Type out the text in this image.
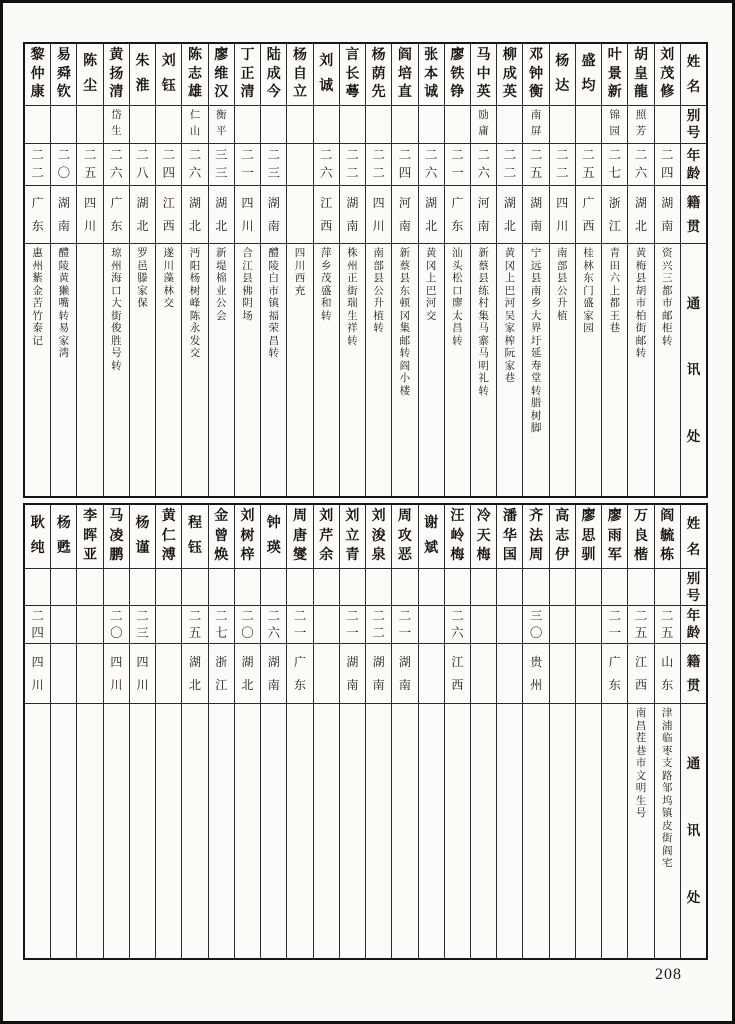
黎
仲
康
二
二
广
东
惠
州
紫
金
苦
竹
泰
记
易
舜
钦
二
〇
湖
南
醴
陵
黄
獭
嘴
转
易
家
湾
陈
尘
二
五
四
川
黄
扬
清
岱
生
二
六
广
东
琼
州
海
口
大
街
俊
胜
号
转
朱
淮
二
八
湖
北
罗
邑
滕
家
保
刘
钰
二
四
江
西
遂
川
藻
林
交
陈
志
雄
仁
山
二
六
湖
北
沔
阳
杨
树
峰
陈
永
发
交
廖
维
汉
衡
平
三
三
湖
北
新
堤
棉
业
公
会
丁
正
清
二
一
四
川
合
江
县
佛
阴
场
陆
成
今
二
三
湖
南
醴
陵
白
市
镇
福
荣
昌
转
杨
自
立
四
川
西
充
刘
诚
二
六
江
西
萍
乡
茂
盛
和
转
言
长
蕚
二
二
湖
南
株
州
正
街
瑞
生
祥
转
杨
荫
先
二
二
四
川
南
部
县
公
升
植
转
阎
培
直
二
四
河
南
新
蔡
县
东
顿
冈
集
邮
转
阎
小
楼
张
本
诚
二
六
湖
北
黄
冈
上
巴
河
交
廖
铁
铮
二
一
广
东
汕
头
松
口
廖
太
昌
转
马
中
英
励
庸
二
六
河
南
新
蔡
县
练
村
集
马
寨
马
明
礼
转
柳
成
英
二
二
湖
北
黄
冈
上
巴
河
吴
家
榨
阮
家
巷
邓
钟
衡
南
屏
二
五
湖
南
宁
远
县
南
乡
大
界
圩
延
寿
堂
转
腊
树
脚
杨
达
二
二
四
川
南
部
县
公
升
植
盛
均
二
五
广
西
桂
林
东
门
盛
家
园
叶
景
新
锦
园
二
七
浙
江
青
田
六
上
都
王
巷
胡
皇
龍
照
芳
二
六
湖
北
黄
梅
县
胡
市
柏
街
邮
转
刘
茂
修
二
四
湖
南
资
兴
三
都
市
邮
柜
转
姓
名
别
号
年
龄
籍
贯
通
讯
处
耿
纯
二
四
四
川
杨
甦
李
晖
亚
马
凌
鹏
二
〇
四
川
杨
谨
二
三
四
川
黄
仁
溥
程
钰
二
五
湖
北
金
曾
焕
二
七
浙
江
刘
树
梓
二
〇
湖
北
钟
瑛
二
六
湖
南
周
唐
燮
二
一
广
东
刘
芹
余
刘
立
青
二
一
湖
南
刘
浚
泉
二
二
湖
南
周
攻
恶
二
一
湖
南
谢
斌
汪
岭
梅
二
六
江
西
冷
天
梅
潘
华
国
齐
法
周
三
〇
贵
州
高
志
伊
廖
思
驯
廖
雨
军
二
一
广
东
万
良
楷
二
五
江
西
南
昌
茬
巷
市
文
明
生
号
阎
毓
栋
二
五
山
东
津
浦
临
枣
支
路
邹
坞
镇
皮
街
阎
宅
姓
名
别
号
年
龄
籍
贯
通
讯
处
208
